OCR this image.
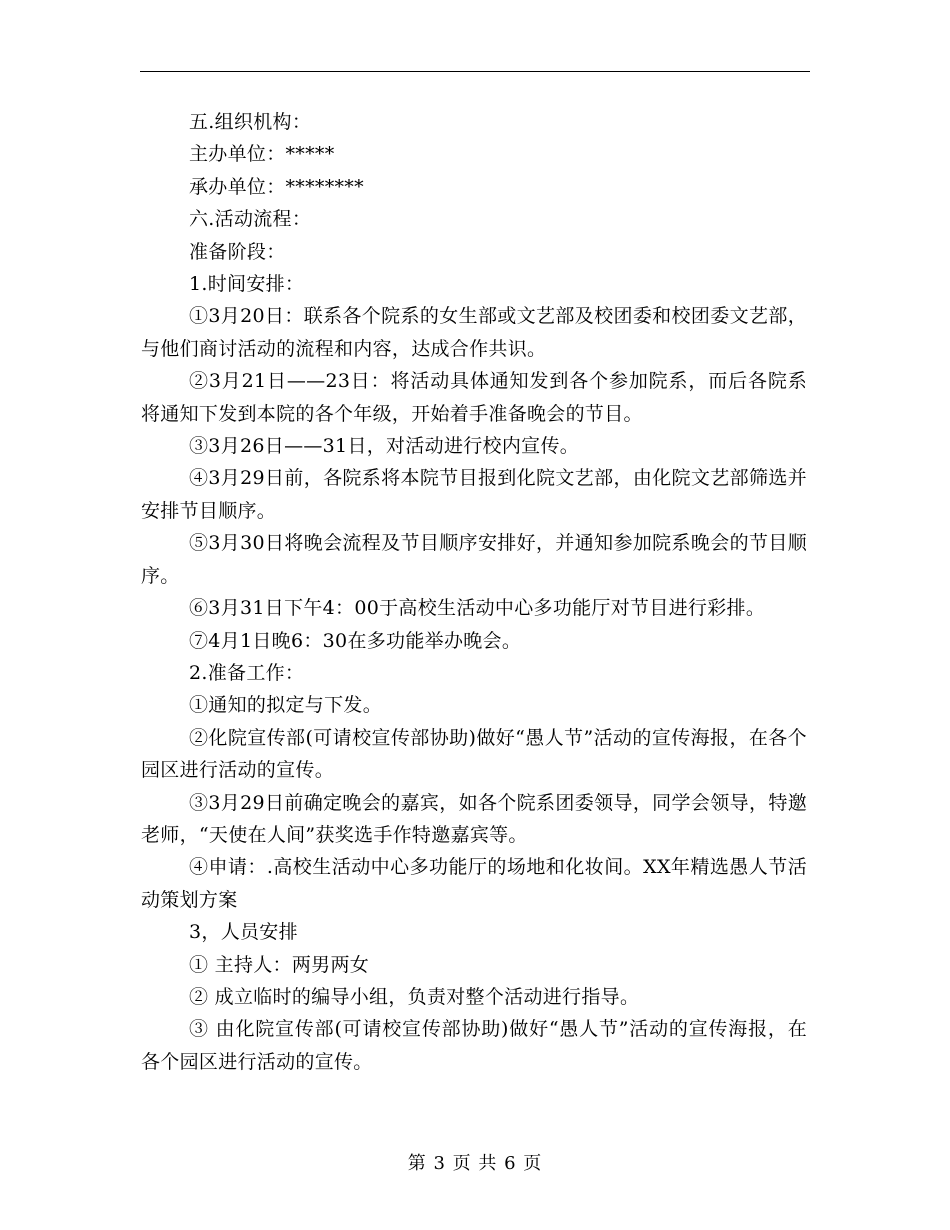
五.组织机构：

主办单位：*****

承办单位：********

六.活动流程：

准备阶段：

1.时间安排：

①3月20日：联系各个院系的女生部或文艺部及校团委和校团委文艺部，与他们商讨活动的流程和内容，达成合作共识。

②3月21日——23日：将活动具体通知发到各个参加院系，而后各院系将通知下发到本院的各个年级，开始着手准备晚会的节目。

③3月26日——31日，对活动进行校内宣传。

④3月29日前，各院系将本院节目报到化院文艺部，由化院文艺部筛选并安排节目顺序。

⑤3月30日将晚会流程及节目顺序安排好，并通知参加院系晚会的节目顺序。

⑥3月31日下午4：00于高校生活动中心多功能厅对节目进行彩排。

⑦4月1日晚6：30在多功能举办晚会。

2.准备工作：

①通知的拟定与下发。

②化院宣传部(可请校宣传部协助)做好“愚人节”活动的宣传海报，在各个园区进行活动的宣传。

③3月29日前确定晚会的嘉宾，如各个院系团委领导，同学会领导，特邀老师，“天使在人间”获奖选手作特邀嘉宾等。

④申请：.高校生活动中心多功能厅的场地和化妆间。XX年精选愚人节活动策划方案

3，人员安排

① 主持人：两男两女

② 成立临时的编导小组，负责对整个活动进行指导。

③ 由化院宣传部(可请校宣传部协助)做好“愚人节”活动的宣传海报，在各个园区进行活动的宣传。

第 3 页 共 6 页
